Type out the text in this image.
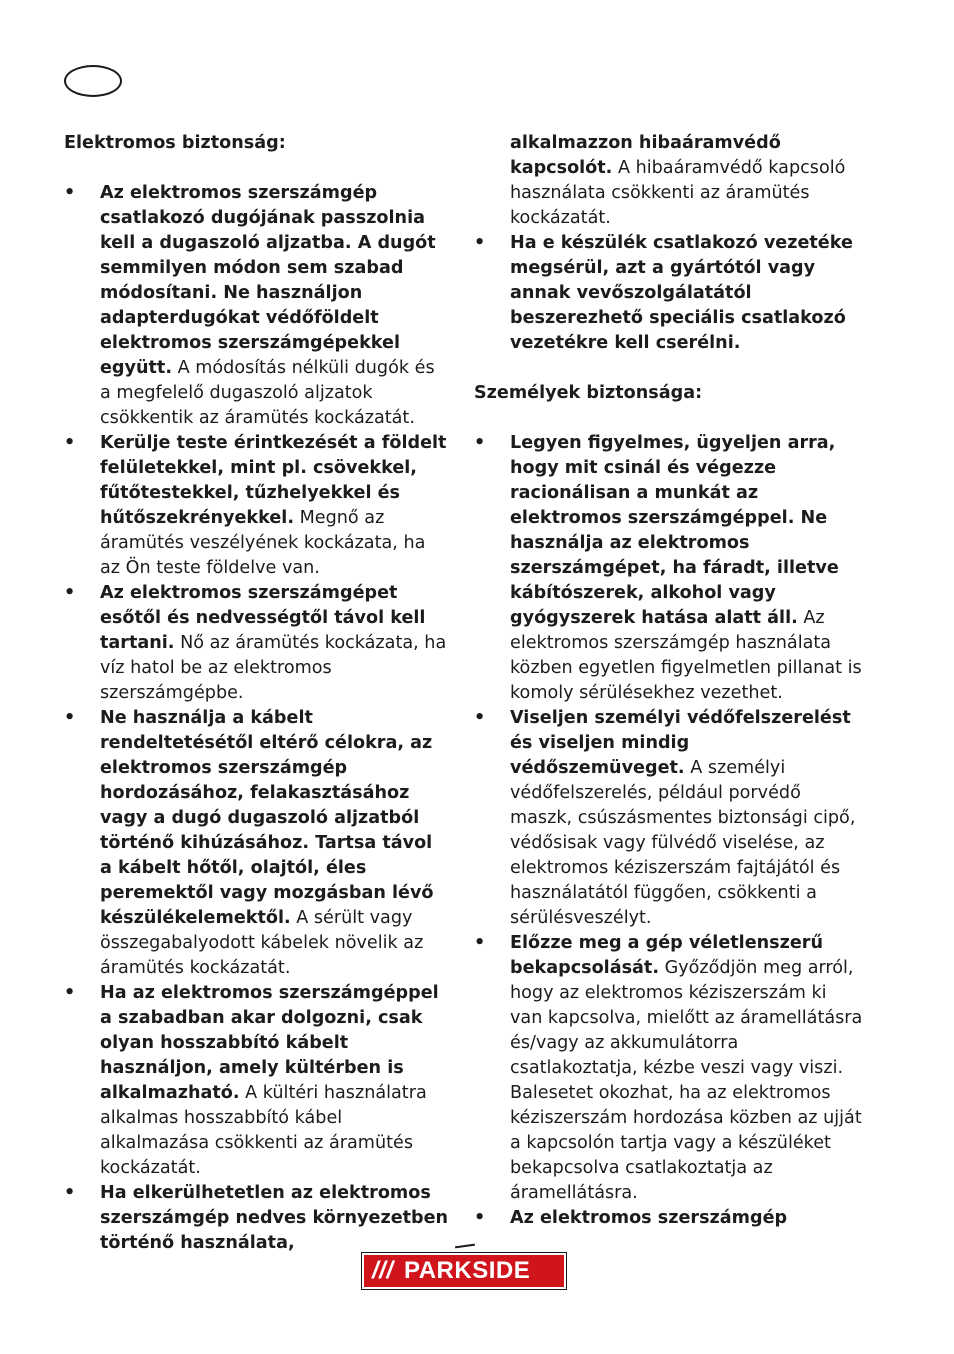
Elektromos biztonság:

• Az elektromos szerszámgép csatlakozó dugójának passzolnia kell a dugaszoló aljzatba. A dugót semmilyen módon sem szabad módosítani. Ne használjon adapterdugókat védőföldelt elektromos szerszámgépekkel együtt. A módosítás nélküli dugók és a megfelelő dugaszoló aljzatok csökkentik az áramütés kockázatát.
• Kerülje teste érintkezését a földelt felületekkel, mint pl. csövekkel, fűtőtestekkel, tűzhelyekkel és hűtőszekrényekkel. Megnő az áramütés veszélyének kockázata, ha az Ön teste földelve van.
• Az elektromos szerszámgépet esőtől és nedvességtől távol kell tartani. Nő az áramütés kockázata, ha víz hatol be az elektromos szerszámgépbe.
• Ne használja a kábelt rendeltetésétől eltérő célokra, az elektromos szerszámgép hordozásához, felakasztásához vagy a dugó dugaszoló aljzatból történő kihúzásához. Tartsa távol a kábelt hőtől, olajtól, éles peremektől vagy mozgásban lévő készülékelemektől. A sérült vagy összegabalyodott kábelek növelik az áramütés kockázatát.
• Ha az elektromos szerszámgéppel a szabadban akar dolgozni, csak olyan hosszabbító kábelt használjon, amely kültérben is alkalmazható. A kültéri használatra alkalmas hosszabbító kábel alkalmazása csökkenti az áramütés kockázatát.
• Ha elkerülhetetlen az elektromos szerszámgép nedves környezetben történő használata,
alkalmazzon hibaáramvédő kapcsolót. A hibaáramvédő kapcsoló használata csökkenti az áramütés kockázatát.
• Ha e készülék csatlakozó vezetéke megsérül, azt a gyártótól vagy annak vevőszolgálatától beszerezhető speciális csatlakozó vezetékre kell cserélni.

Személyek biztonsága:

• Legyen figyelmes, ügyeljen arra, hogy mit csinál és végezze racionálisan a munkát az elektromos szerszámgéppel. Ne használja az elektromos szerszámgépet, ha fáradt, illetve kábítószerek, alkohol vagy gyógyszerek hatása alatt áll. Az elektromos szerszámgép használata közben egyetlen figyelmetlen pillanat is komoly sérülésekhez vezethet.
• Viseljen személyi védőfelszerelést és viseljen mindig védőszemüveget. A személyi védőfelszerelés, például porvédő maszk, csúszásmentes biztonsági cipő, védősisak vagy fülvédő viselése, az elektromos kéziszerszám fajtájától és használatától függően, csökkenti a sérülésveszélyt.
• Előzze meg a gép véletlenszerű bekapcsolását. Győződjön meg arról, hogy az elektromos kéziszerszám ki van kapcsolva, mielőtt az áramellátásra és/vagy az akkumulátorra csatlakoztatja, kézbe veszi vagy viszi. Balesetet okozhat, ha az elektromos kéziszerszám hordozása közben az ujját a kapcsolón tartja vagy a készüléket bekapcsolva csatlakoztatja az áramellátásra.
• Az elektromos szerszámgép
/// PARKSIDE
